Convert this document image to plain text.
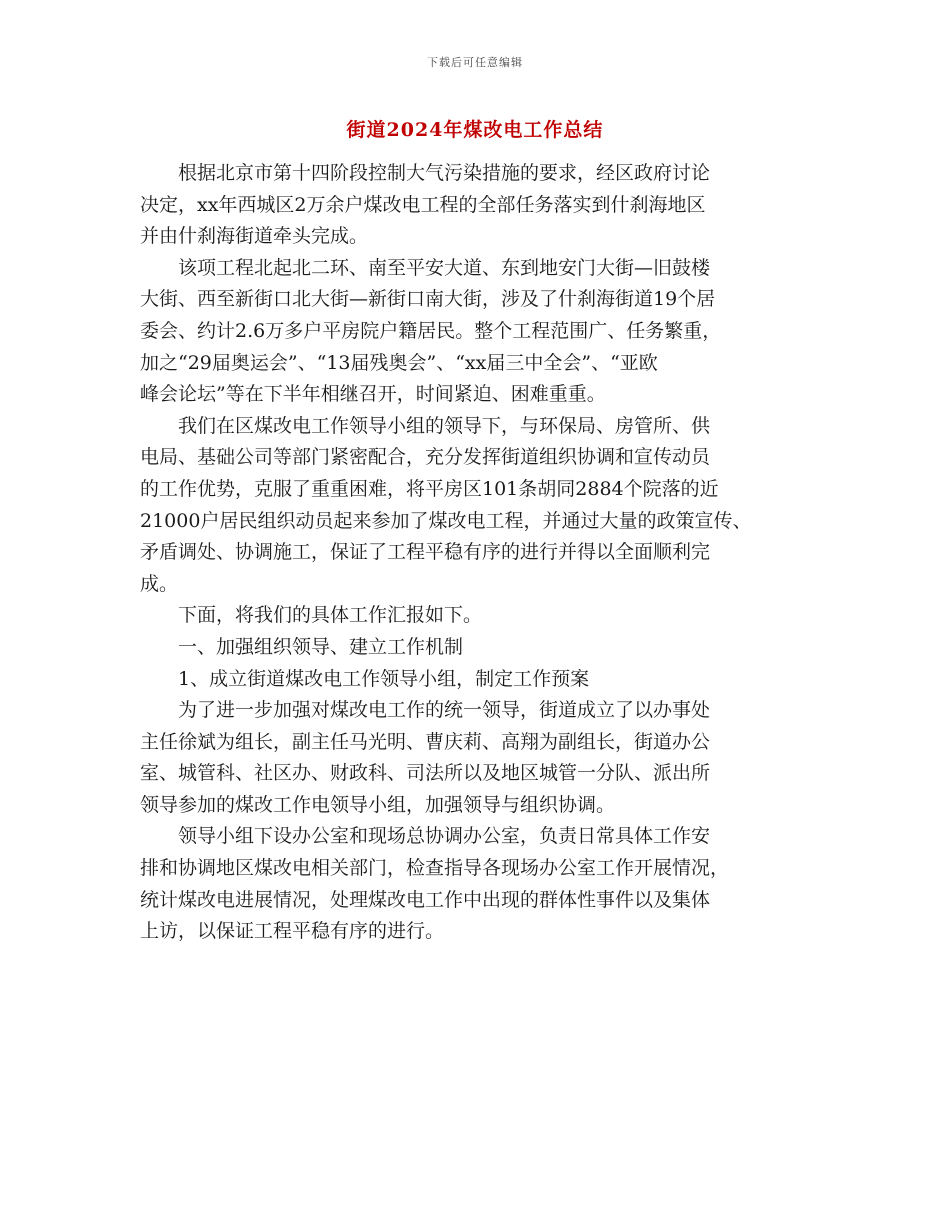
下载后可任意编辑
街道2024年煤改电工作总结

根据北京市第十四阶段控制大气污染措施的要求，经区政府讨论
决定，xx年西城区2万余户煤改电工程的全部任务落实到什刹海地区
并由什刹海街道牵头完成。

该项工程北起北二环、南至平安大道、东到地安门大街—旧鼓楼
大街、西至新街口北大街—新街口南大街，涉及了什刹海街道19个居
委会、约计2.6万多户平房院户籍居民。整个工程范围广、任务繁重，
加之“29届奥运会”、“13届残奥会”、“xx届三中全会”、“亚欧
峰会论坛”等在下半年相继召开，时间紧迫、困难重重。

我们在区煤改电工作领导小组的领导下，与环保局、房管所、供
电局、基础公司等部门紧密配合，充分发挥街道组织协调和宣传动员
的工作优势，克服了重重困难，将平房区101条胡同2884个院落的近
21000户居民组织动员起来参加了煤改电工程，并通过大量的政策宣传、
矛盾调处、协调施工，保证了工程平稳有序的进行并得以全面顺利完
成。

下面，将我们的具体工作汇报如下。

一、加强组织领导、建立工作机制

1、成立街道煤改电工作领导小组，制定工作预案

为了进一步加强对煤改电工作的统一领导，街道成立了以办事处
主任徐斌为组长，副主任马光明、曹庆莉、高翔为副组长，街道办公
室、城管科、社区办、财政科、司法所以及地区城管一分队、派出所
领导参加的煤改工作电领导小组，加强领导与组织协调。

领导小组下设办公室和现场总协调办公室，负责日常具体工作安
排和协调地区煤改电相关部门，检查指导各现场办公室工作开展情况，
统计煤改电进展情况，处理煤改电工作中出现的群体性事件以及集体
上访，以保证工程平稳有序的进行。
